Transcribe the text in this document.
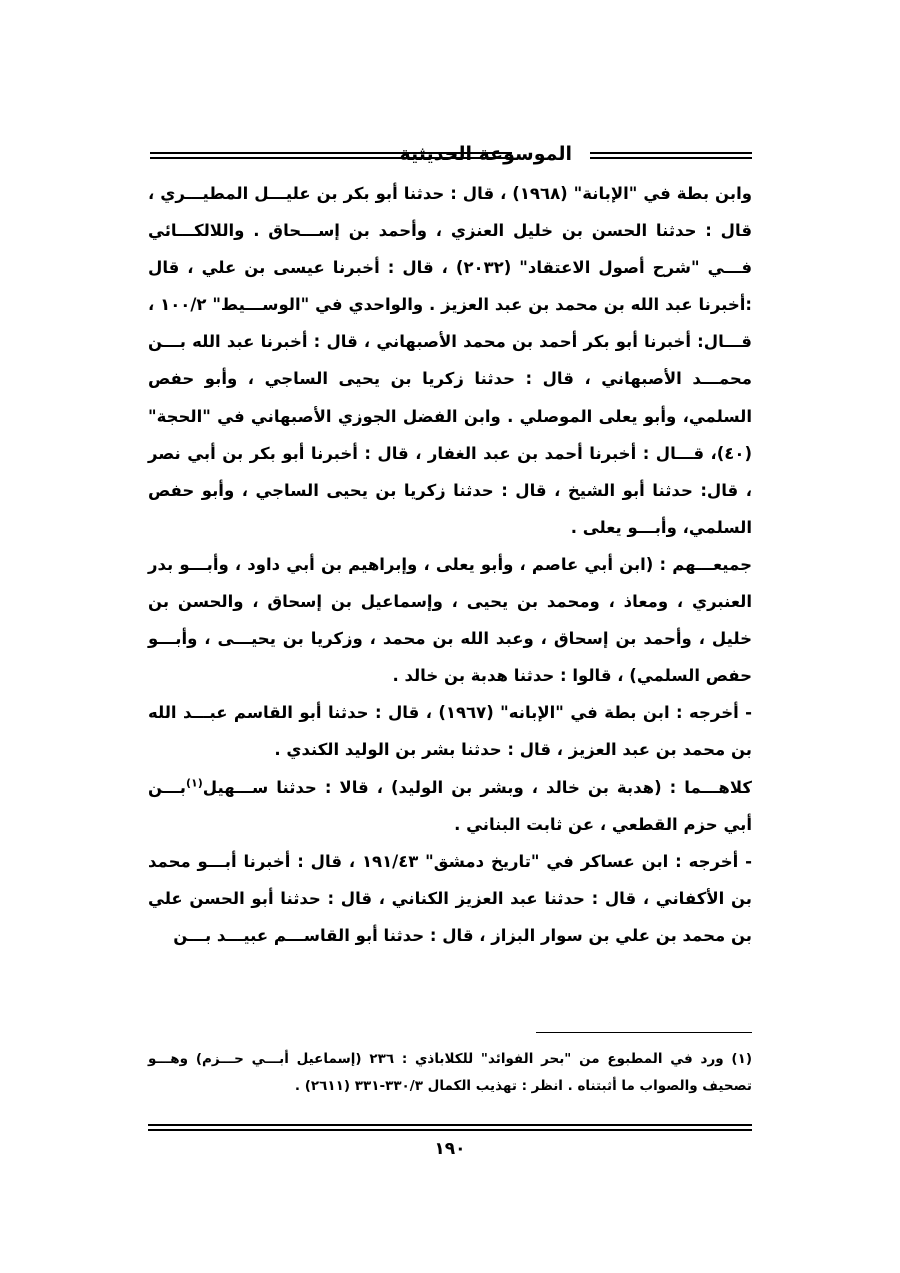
الموسوعة الحديثية

وابن بطة في "الإبانة" (١٩٦٨) ، قال : حدثنا أبو بكر بن عليـــل المطيـــري ، قال : حدثنا الحسن بن خليل العنزي ، وأحمد بن إســـحاق . واللالكـــائي فـــي "شرح أصول الاعتقاد" (٢٠٣٢) ، قال : أخبرنا عيسى بن علي ، قال :أخبرنا عبد الله بن محمد بن عبد العزيز . والواحدي في "الوســـيط" ١٠٠/٢ ، قـــال: أخبرنا أبو بكر أحمد بن محمد الأصبهاني ، قال : أخبرنا عبد الله بـــن محمـــد الأصبهاني ، قال : حدثنا زكريا بن يحيى الساجي ، وأبو حفص السلمي، وأبو يعلى الموصلي . وابن الفضل الجوزي الأصبهاني في "الحجة" (٤٠)، قـــال : أخبرنا أحمد بن عبد الغفار ، قال : أخبرنا أبو بكر بن أبي نصر ، قال: حدثنا أبو الشيخ ، قال : حدثنا زكريا بن يحيى الساجي ، وأبو حفص السلمي، وأبـــو يعلى .

جميعـــهم : (ابن أبي عاصم ، وأبو يعلى ، وإبراهيم بن أبي داود ، وأبـــو بدر العنبري ، ومعاذ ، ومحمد بن يحيى ، وإسماعيل بن إسحاق ، والحسن بن خليل ، وأحمد بن إسحاق ، وعبد الله بن محمد ، وزكريا بن يحيـــى ، وأبـــو حفص السلمي) ، قالوا : حدثنا هدبة بن خالد .

- أخرجه : ابن بطة في "الإبانه" (١٩٦٧) ، قال : حدثنا أبو القاسم عبـــد الله بن محمد بن عبد العزيز ، قال : حدثنا بشر بن الوليد الكندي .

كلاهـــما : (هدبة بن خالد ، وبشر بن الوليد) ، قالا : حدثنا ســـهيل$^{(١)}$بـــن أبي حزم القطعي ، عن ثابت البناني .

- أخرجه : ابن عساكر في "تاريخ دمشق" ١٩١/٤٣ ، قال : أخبرنا أبـــو محمد بن الأكفاني ، قال : حدثنا عبد العزيز الكناني ، قال : حدثنا أبو الحسن علي بن محمد بن علي بن سوار البزاز ، قال : حدثنا أبو القاســـم عبيـــد بـــن

(١) ورد في المطبوع من "بحر الفوائد" للكلاباذي : ٢٣٦ (إسماعيل أبـــي حـــزم) وهـــو تصحيف والصواب ما أثبتناه . انظر : تهذيب الكمال ٣٣٠/٣-٣٣١ (٢٦١١) .

١٩٠
